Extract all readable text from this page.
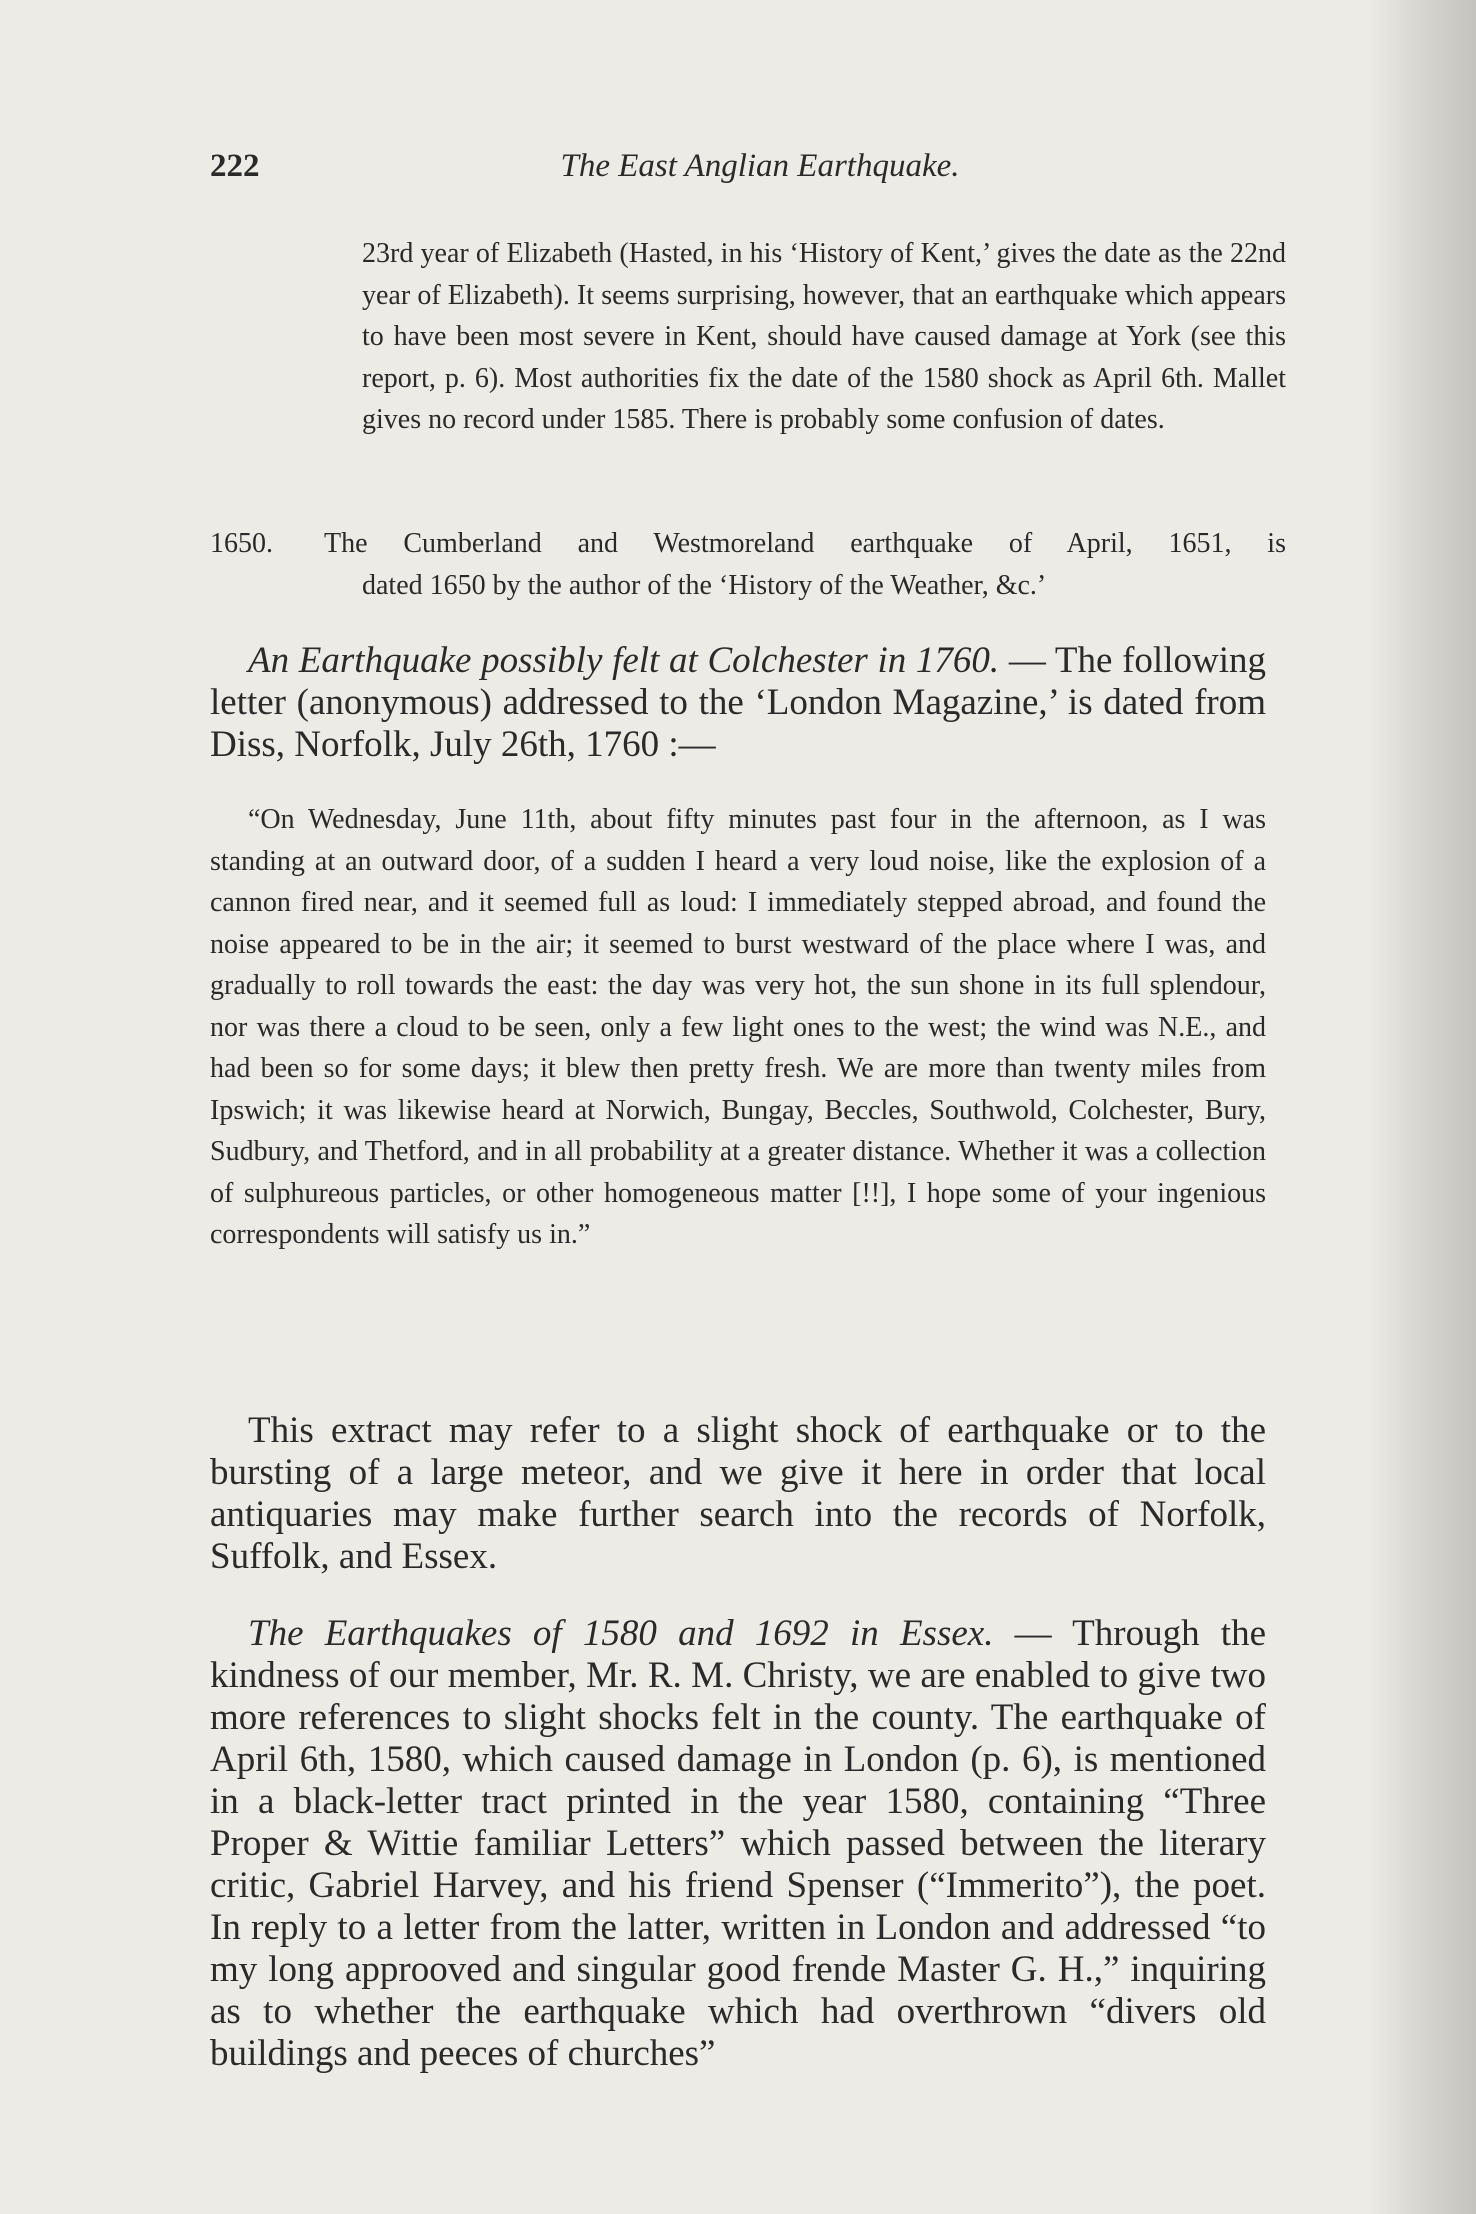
222	The East Anglian Earthquake.

23rd year of Elizabeth (Hasted, in his ‘History of Kent,’ gives the date as the 22nd year of Elizabeth). It seems surprising, however, that an earthquake which appears to have been most severe in Kent, should have caused damage at York (see this report, p. 6). Most authorities fix the date of the 1580 shock as April 6th. Mallet gives no record under 1585. There is probably some confusion of dates.

1650.	The Cumberland and Westmoreland earthquake of April, 1651, is

dated 1650 by the author of the ‘History of the Weather, &c.’

An Earthquake possibly felt at Colchester in 1760. — The following letter (anonymous) addressed to the ‘London Magazine,’ is dated from Diss, Norfolk, July 26th, 1760 :—

“On Wednesday, June 11th, about fifty minutes past four in the afternoon, as I was standing at an outward door, of a sudden I heard a very loud noise, like the explosion of a cannon fired near, and it seemed full as loud: I immediately stepped abroad, and found the noise appeared to be in the air; it seemed to burst westward of the place where I was, and gradually to roll towards the east: the day was very hot, the sun shone in its full splendour, nor was there a cloud to be seen, only a few light ones to the west; the wind was N.E., and had been so for some days; it blew then pretty fresh. We are more than twenty miles from Ipswich; it was likewise heard at Norwich, Bungay, Beccles, Southwold, Colchester, Bury, Sudbury, and Thetford, and in all probability at a greater distance. Whether it was a collection of sulphureous particles, or other homogeneous matter [!!], I hope some of your ingenious correspondents will satisfy us in.”

This extract may refer to a slight shock of earthquake or to the bursting of a large meteor, and we give it here in order that local antiquaries may make further search into the records of Norfolk, Suffolk, and Essex.

The Earthquakes of 1580 and 1692 in Essex. — Through the kindness of our member, Mr. R. M. Christy, we are enabled to give two more references to slight shocks felt in the county. The earthquake of April 6th, 1580, which caused damage in London (p. 6), is mentioned in a black-letter tract printed in the year 1580, containing “Three Proper & Wittie familiar Letters” which passed between the literary critic, Gabriel Harvey, and his friend Spenser (“Immerito”), the poet. In reply to a letter from the latter, written in London and addressed “to my long approoved and singular good frende Master G. H.,” inquiring as to whether the earthquake which had overthrown “divers old buildings and peeces of churches”
